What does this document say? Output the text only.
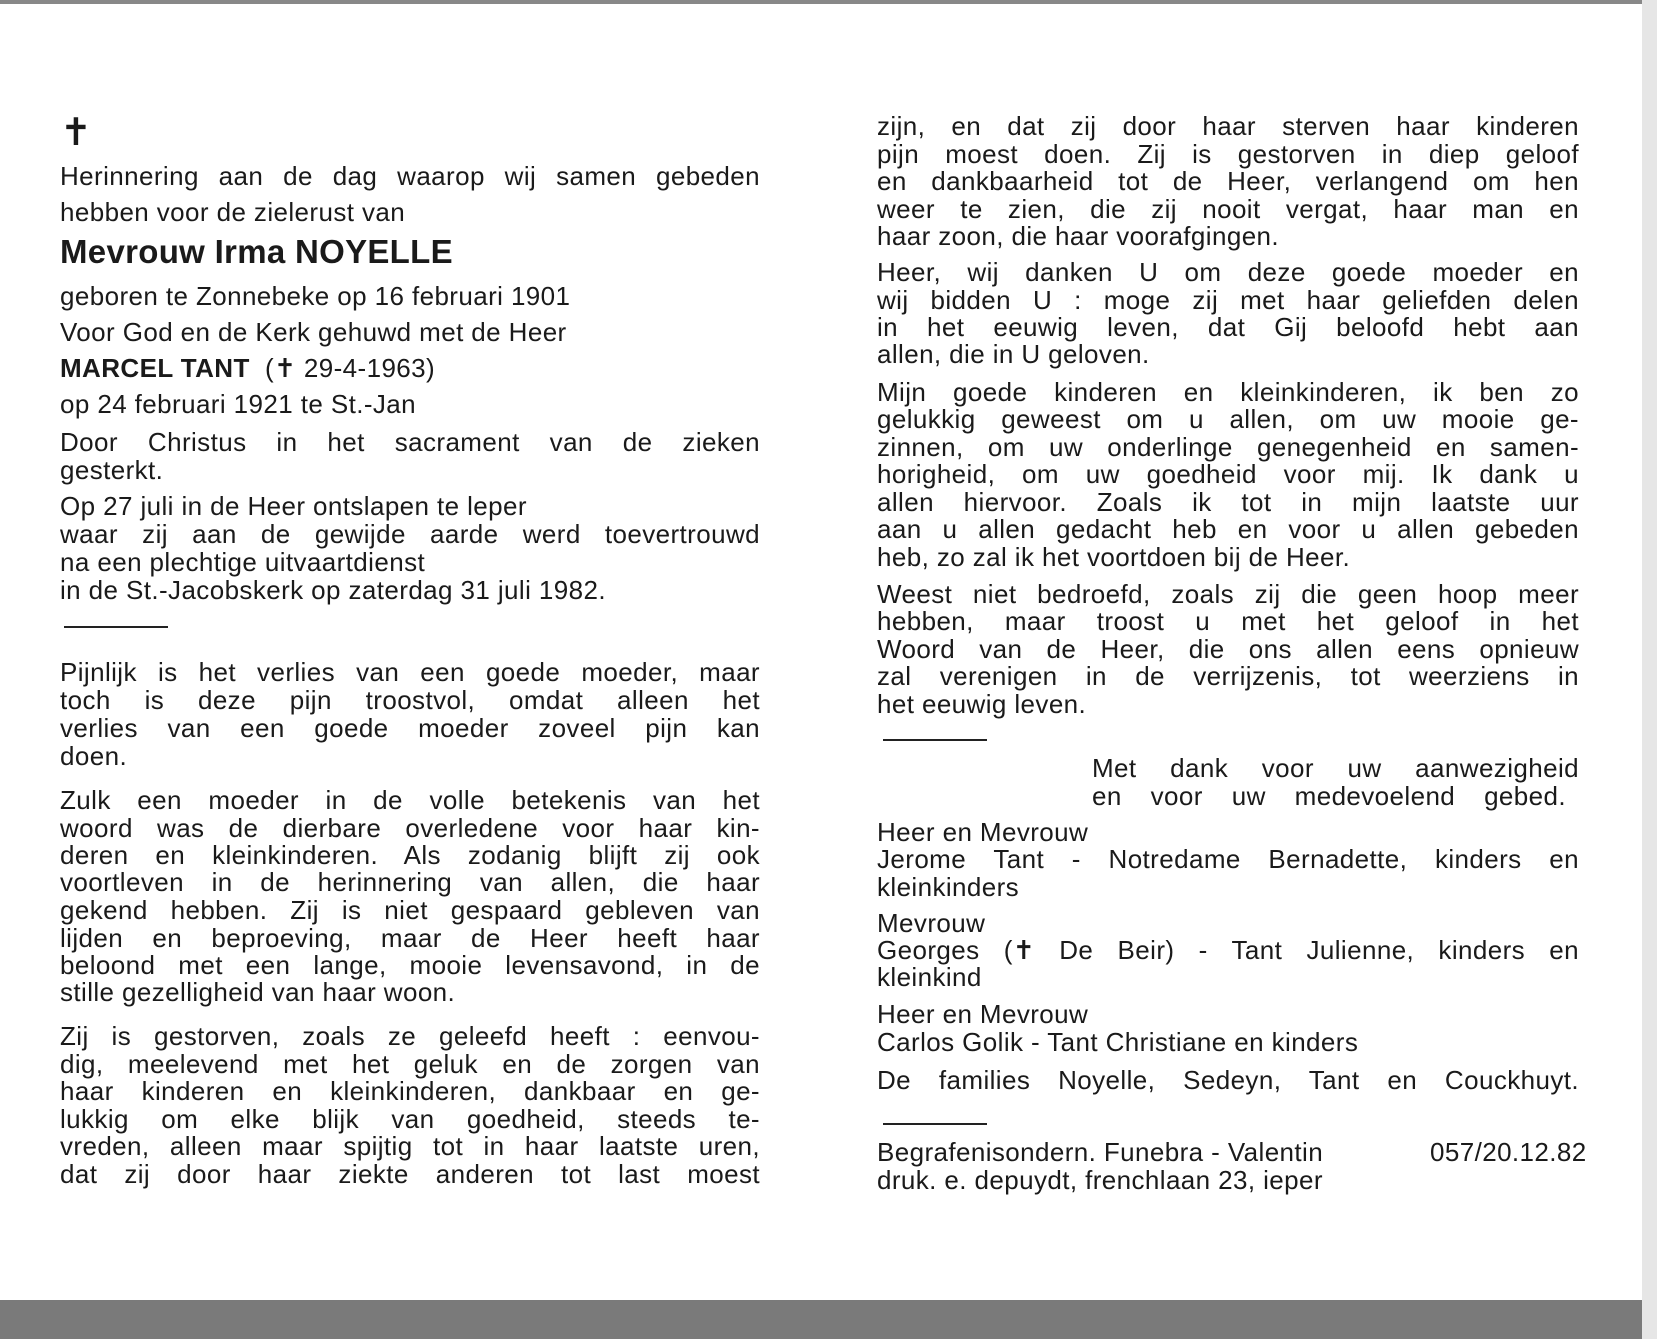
✝
Herinnering aan de dag waarop wij samen gebeden
hebben voor de zielerust van
Mevrouw Irma NOYELLE
geboren te Zonnebeke op 16 februari 1901
Voor God en de Kerk gehuwd met de Heer
MARCEL TANT (✝ 29-4-1963)
op 24 februari 1921 te St.-Jan
Door Christus in het sacrament van de zieken
gesterkt.
Op 27 juli in de Heer ontslapen te leper
waar zij aan de gewijde aarde werd toevertrouwd
na een plechtige uitvaartdienst
in de St.-Jacobskerk op zaterdag 31 juli 1982.
Pijnlijk is het verlies van een goede moeder, maar
toch is deze pijn troostvol, omdat alleen het
verlies van een goede moeder zoveel pijn kan
doen.
Zulk een moeder in de volle betekenis van het
woord was de dierbare overledene voor haar kin-
deren en kleinkinderen. Als zodanig blijft zij ook
voortleven in de herinnering van allen, die haar
gekend hebben. Zij is niet gespaard gebleven van
lijden en beproeving, maar de Heer heeft haar
beloond met een lange, mooie levensavond, in de
stille gezelligheid van haar woon.
Zij is gestorven, zoals ze geleefd heeft : eenvou-
dig, meelevend met het geluk en de zorgen van
haar kinderen en kleinkinderen, dankbaar en ge-
lukkig om elke blijk van goedheid, steeds te-
vreden, alleen maar spijtig tot in haar laatste uren,
dat zij door haar ziekte anderen tot last moest
zijn, en dat zij door haar sterven haar kinderen
pijn moest doen. Zij is gestorven in diep geloof
en dankbaarheid tot de Heer, verlangend om hen
weer te zien, die zij nooit vergat, haar man en
haar zoon, die haar voorafgingen.
Heer, wij danken U om deze goede moeder en
wij bidden U : moge zij met haar geliefden delen
in het eeuwig leven, dat Gij beloofd hebt aan
allen, die in U geloven.
Mijn goede kinderen en kleinkinderen, ik ben zo
gelukkig geweest om u allen, om uw mooie ge-
zinnen, om uw onderlinge genegenheid en samen-
horigheid, om uw goedheid voor mij. Ik dank u
allen hiervoor. Zoals ik tot in mijn laatste uur
aan u allen gedacht heb en voor u allen gebeden
heb, zo zal ik het voortdoen bij de Heer.
Weest niet bedroefd, zoals zij die geen hoop meer
hebben, maar troost u met het geloof in het
Woord van de Heer, die ons allen eens opnieuw
zal verenigen in de verrijzenis, tot weerziens in
het eeuwig leven.
Met dank voor uw aanwezigheid
en voor uw medevoelend gebed.
Heer en Mevrouw
Jerome Tant - Notredame Bernadette, kinders en
kleinkinders
Mevrouw
Georges (✝ De Beir) - Tant Julienne, kinders en
kleinkind
Heer en Mevrouw
Carlos Golik - Tant Christiane en kinders
De families Noyelle, Sedeyn, Tant en Couckhuyt.
Begrafenisondern. Funebra - Valentin	057/20.12.82
druk. e. depuydt, frenchlaan 23, ieper
